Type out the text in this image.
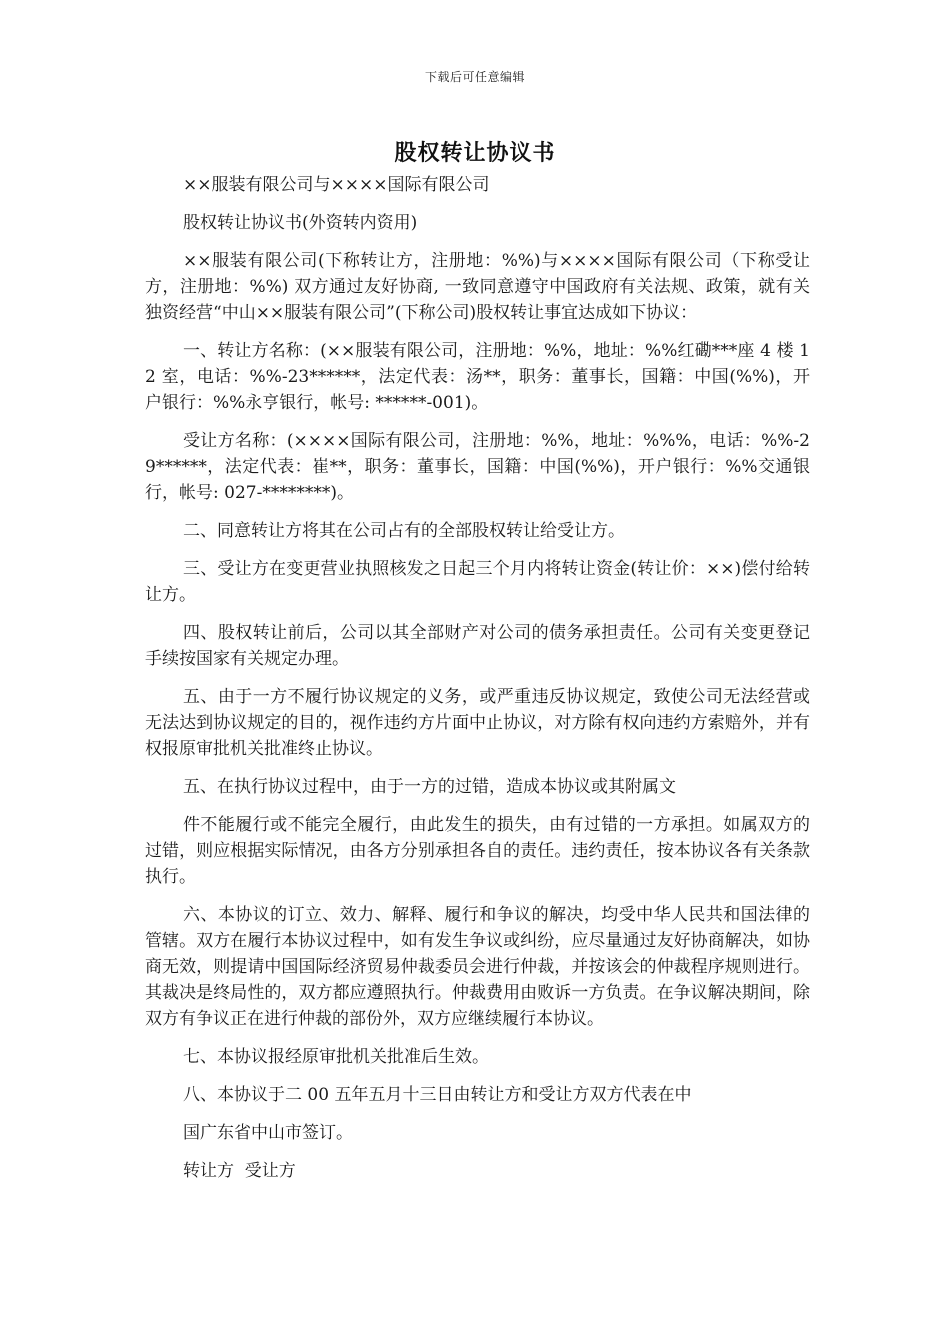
下载后可任意编辑
股权转让协议书

××服装有限公司与××××国际有限公司

股权转让协议书(外资转内资用)

××服装有限公司(下称转让方，注册地：%%)与××××国际有限公司（下称受让方，注册地：%%) 双方通过友好协商, 一致同意遵守中国政府有关法规、政策，就有关独资经营“中山××服装有限公司”(下称公司)股权转让事宜达成如下协议：

一、转让方名称：(××服装有限公司，注册地：%%，地址：%%红磡***座 4 楼 12 室，电话：%%-23******，法定代表：汤**，职务：董事长，国籍：中国(%%)，开户银行：%%永亨银行，帐号: ******-001)。

受让方名称：(××××国际有限公司，注册地：%%，地址：%%%，电话：%%-29******，法定代表：崔**，职务：董事长，国籍：中国(%%)，开户银行：%%交通银行，帐号: 027-********)。

二、同意转让方将其在公司占有的全部股权转让给受让方。

三、受让方在变更营业执照核发之日起三个月内将转让资金(转让价：××)偿付给转让方。

四、股权转让前后，公司以其全部财产对公司的债务承担责任。公司有关变更登记手续按国家有关规定办理。

五、由于一方不履行协议规定的义务，或严重违反协议规定，致使公司无法经营或无法达到协议规定的目的，视作违约方片面中止协议，对方除有权向违约方索赔外，并有权报原审批机关批准终止协议。

五、在执行协议过程中，由于一方的过错，造成本协议或其附属文

件不能履行或不能完全履行，由此发生的损失，由有过错的一方承担。如属双方的过错，则应根据实际情况，由各方分别承担各自的责任。违约责任，按本协议各有关条款执行。

六、本协议的订立、效力、解释、履行和争议的解决，均受中华人民共和国法律的管辖。双方在履行本协议过程中，如有发生争议或纠纷，应尽量通过友好协商解决，如协商无效，则提请中国国际经济贸易仲裁委员会进行仲裁，并按该会的仲裁程序规则进行。其裁决是终局性的，双方都应遵照执行。仲裁费用由败诉一方负责。在争议解决期间，除双方有争议正在进行仲裁的部份外，双方应继续履行本协议。

七、本协议报经原审批机关批准后生效。

八、本协议于二 00 五年五月十三日由转让方和受让方双方代表在中

国广东省中山市签订。

转让方  受让方
